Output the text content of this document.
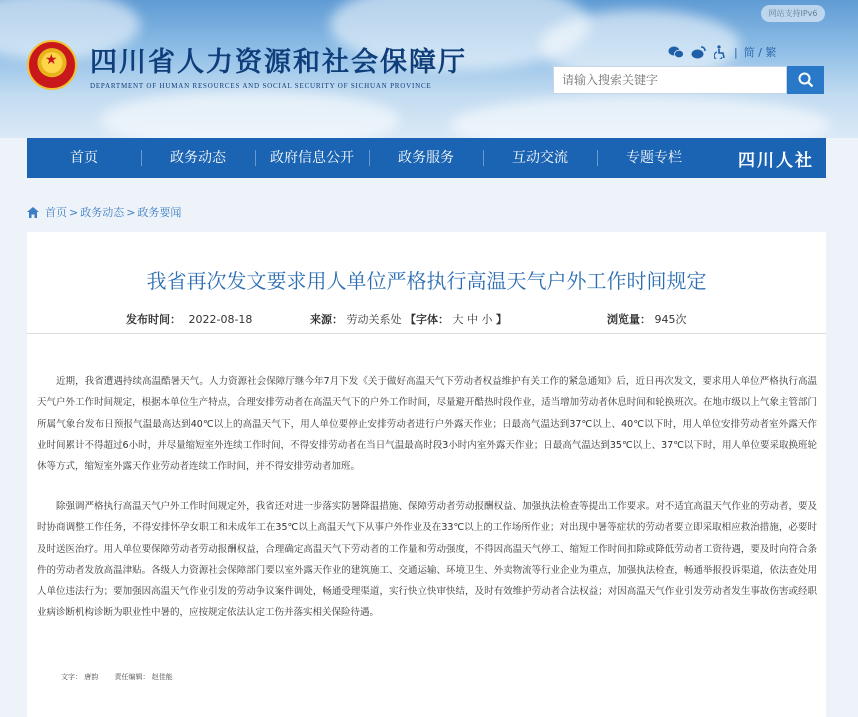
★
四川省人力资源和社会保障厅
DEPARTMENT OF HUMAN RESOURCES AND SOCIAL SECURITY OF SICHUAN PROVINCE
网站支持IPv6
| 简 / 繁
请输入搜索关键字
首页	政务动态	政府信息公开	政务服务	互动交流	专题专栏	四川人社
首页 > 政务动态 > 政务要闻
我省再次发文要求用人单位严格执行高温天气户外工作时间规定
发布时间： 2022-08-18	来源： 劳动关系处 【字体： 大 中 小 】	浏览量： 945次

近期，我省遭遇持续高温酷暑天气。人力资源社会保障厅继今年7月下发《关于做好高温天气下劳动者权益维护有关工作的紧急通知》后，近日再次发文，要求用人单位严格执行高温天气户外工作时间规定，根据本单位生产特点，合理安排劳动者在高温天气下的户外工作时间，尽量避开酷热时段作业，适当增加劳动者休息时间和轮换班次。在地市级以上气象主管部门所属气象台发布日预报气温最高达到40℃以上的高温天气下，用人单位要停止安排劳动者进行户外露天作业；日最高气温达到37℃以上、40℃以下时，用人单位安排劳动者室外露天作业时间累计不得超过6小时，并尽量缩短室外连续工作时间，不得安排劳动者在当日气温最高时段3小时内室外露天作业；日最高气温达到35℃以上、37℃以下时，用人单位要采取换班轮休等方式，缩短室外露天作业劳动者连续工作时间，并不得安排劳动者加班。

除强调严格执行高温天气户外工作时间规定外，我省还对进一步落实防暑降温措施、保障劳动者劳动报酬权益、加强执法检查等提出工作要求。对不适宜高温天气作业的劳动者，要及时协商调整工作任务，不得安排怀孕女职工和未成年工在35℃以上高温天气下从事户外作业及在33℃以上的工作场所作业；对出现中暑等症状的劳动者要立即采取相应救治措施，必要时及时送医治疗。用人单位要保障劳动者劳动报酬权益，合理确定高温天气下劳动者的工作量和劳动强度，不得因高温天气停工、缩短工作时间扣除或降低劳动者工资待遇，要及时向符合条件的劳动者发放高温津贴。各级人力资源社会保障部门要以室外露天作业的建筑施工、交通运输、环境卫生、外卖物流等行业企业为重点，加强执法检查，畅通举报投诉渠道，依法查处用人单位违法行为；要加强因高温天气作业引发的劳动争议案件调处，畅通受理渠道，实行快立快审快结，及时有效维护劳动者合法权益；对因高温天气作业引发劳动者发生事故伤害或经职业病诊断机构诊断为职业性中暑的，应按规定依法认定工伤并落实相关保险待遇。

文字： 唐韵 责任编辑： 赵佳能
